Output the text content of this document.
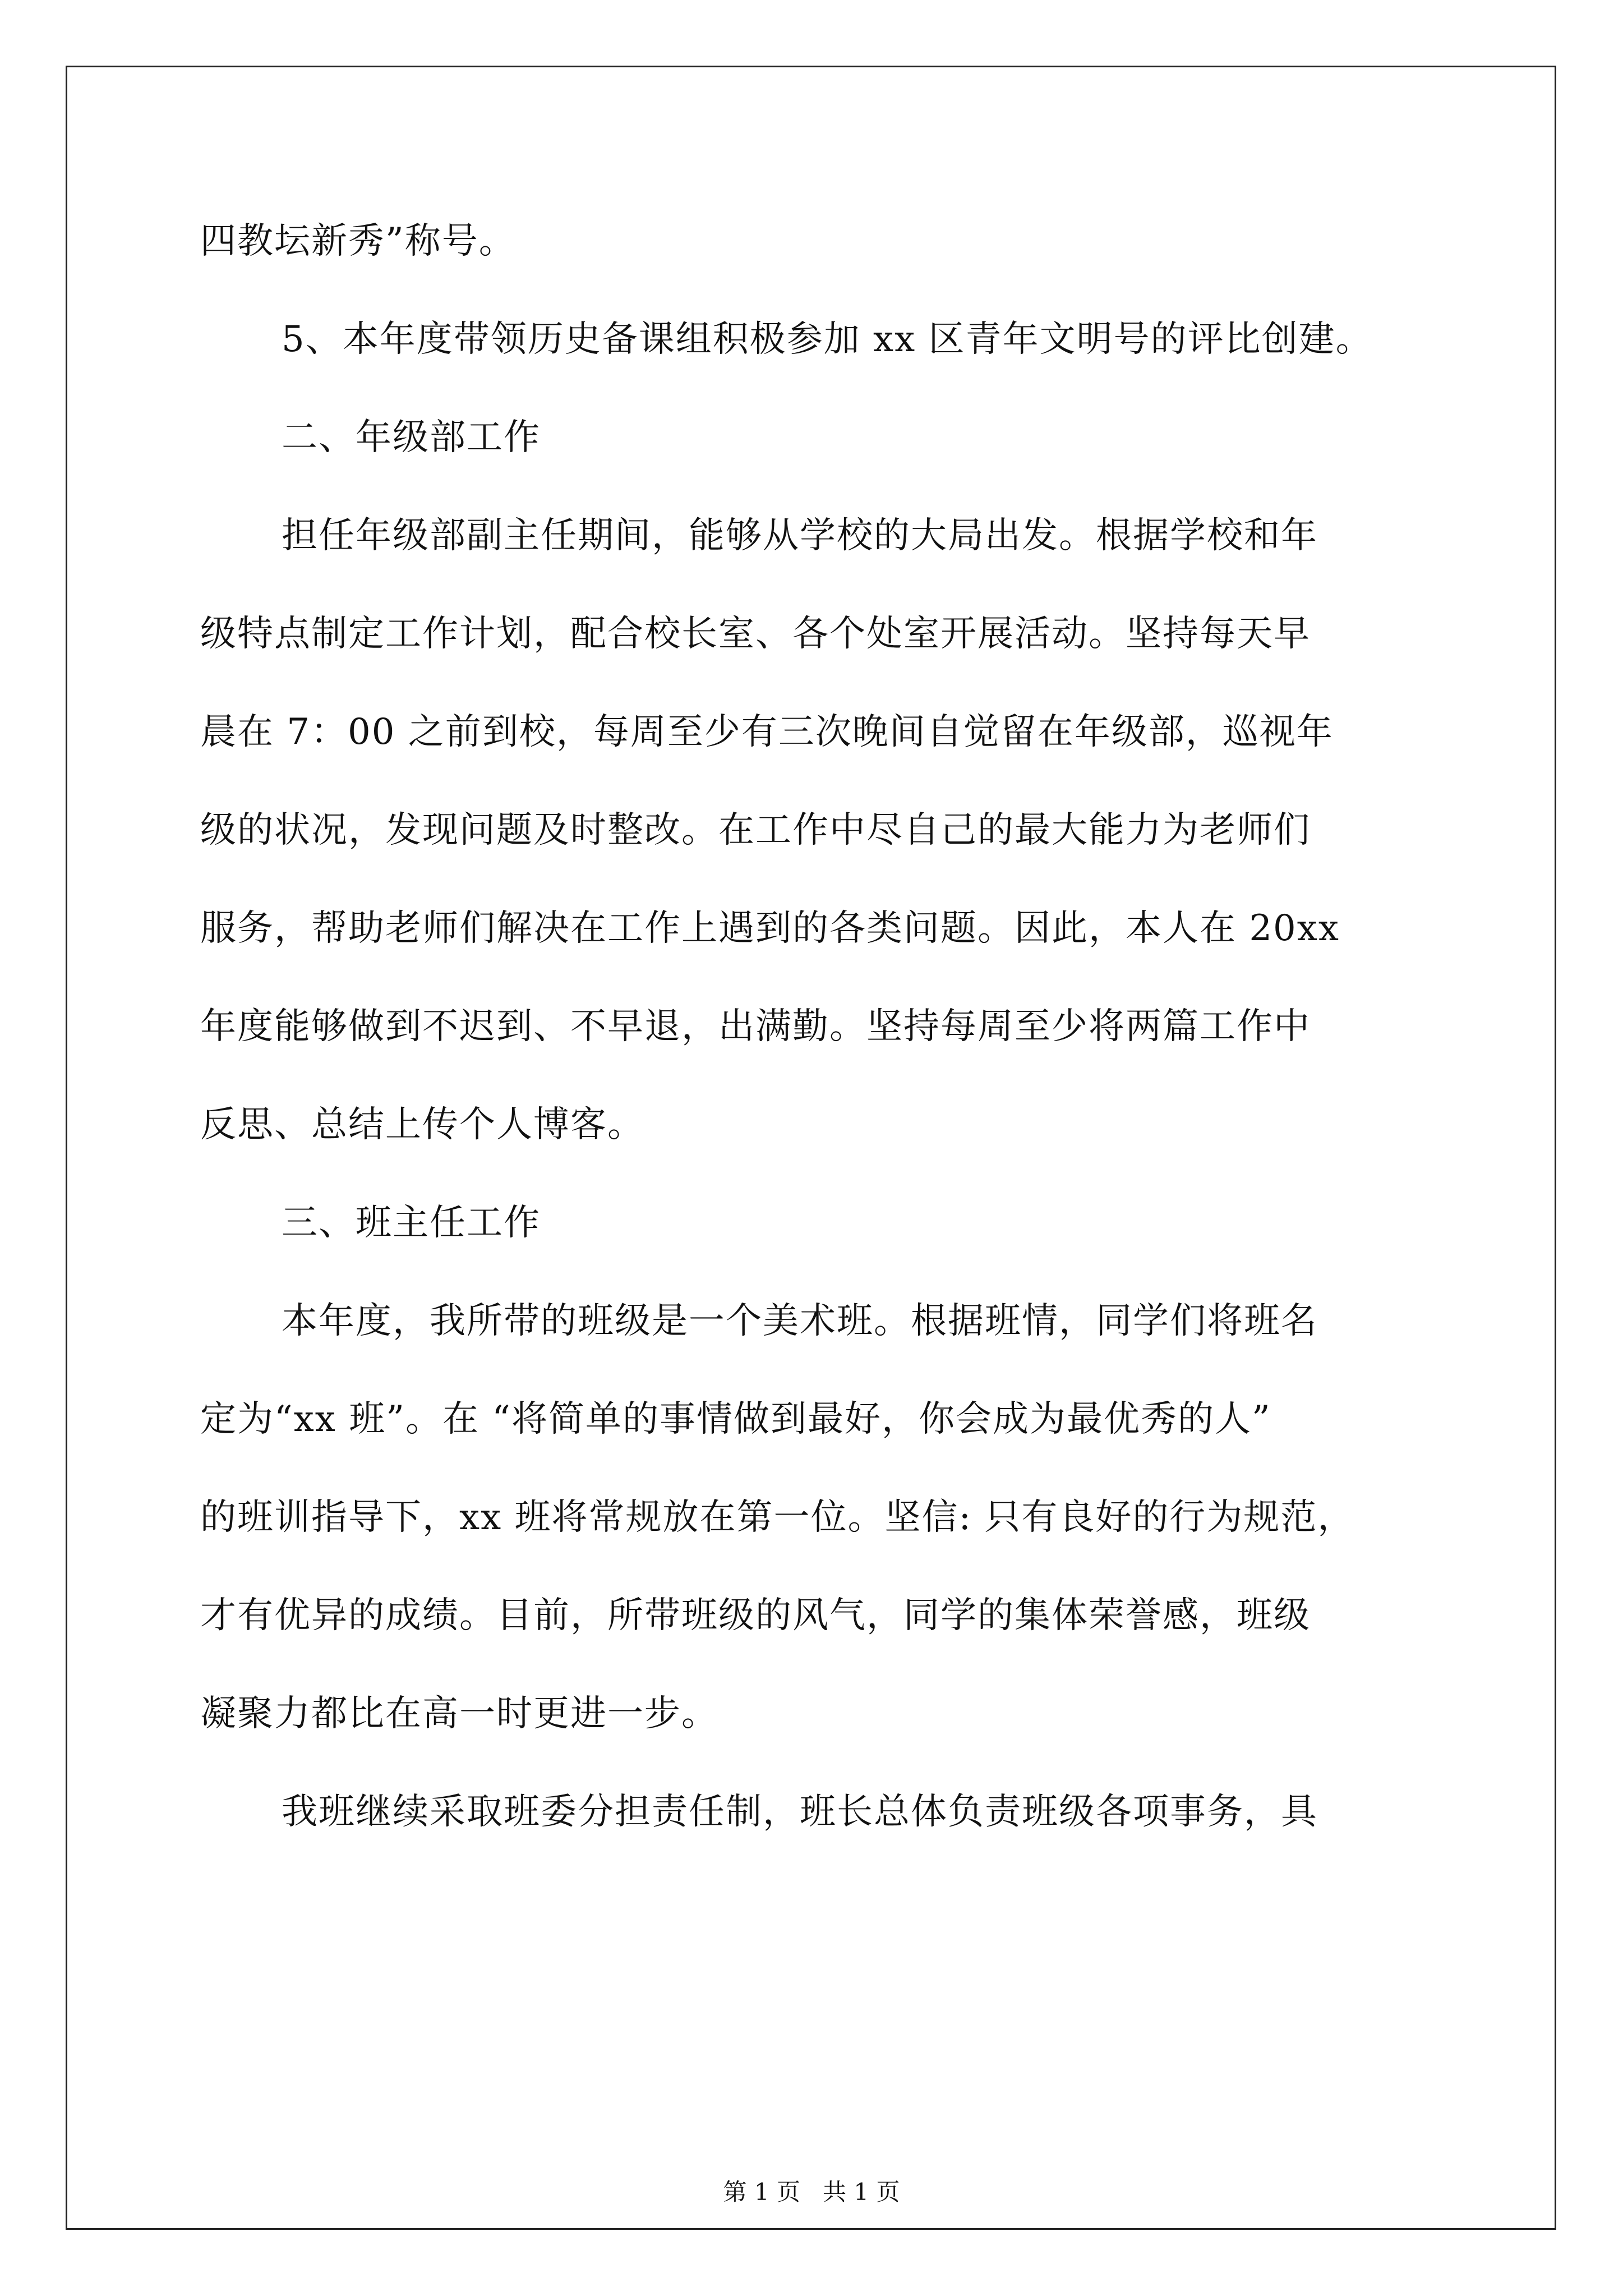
四教坛新秀”称号。
5、本年度带领历史备课组积极参加 xx 区青年文明号的评比创建。
二、年级部工作
担任年级部副主任期间，能够从学校的大局出发。根据学校和年
级特点制定工作计划，配合校长室、各个处室开展活动。坚持每天早
晨在 7：00 之前到校，每周至少有三次晚间自觉留在年级部，巡视年
级的状况，发现问题及时整改。在工作中尽自己的最大能力为老师们
服务，帮助老师们解决在工作上遇到的各类问题。因此，本人在 20xx
年度能够做到不迟到、不早退，出满勤。坚持每周至少将两篇工作中
反思、总结上传个人博客。
三、班主任工作
本年度，我所带的班级是一个美术班。根据班情，同学们将班名
定为“xx 班”。在 “将简单的事情做到最好，你会成为最优秀的人”
的班训指导下，xx 班将常规放在第一位。坚信: 只有良好的行为规范，
才有优异的成绩。目前，所带班级的风气，同学的集体荣誉感，班级
凝聚力都比在高一时更进一步。
我班继续采取班委分担责任制，班长总体负责班级各项事务，具
第 1 页   共 1 页
